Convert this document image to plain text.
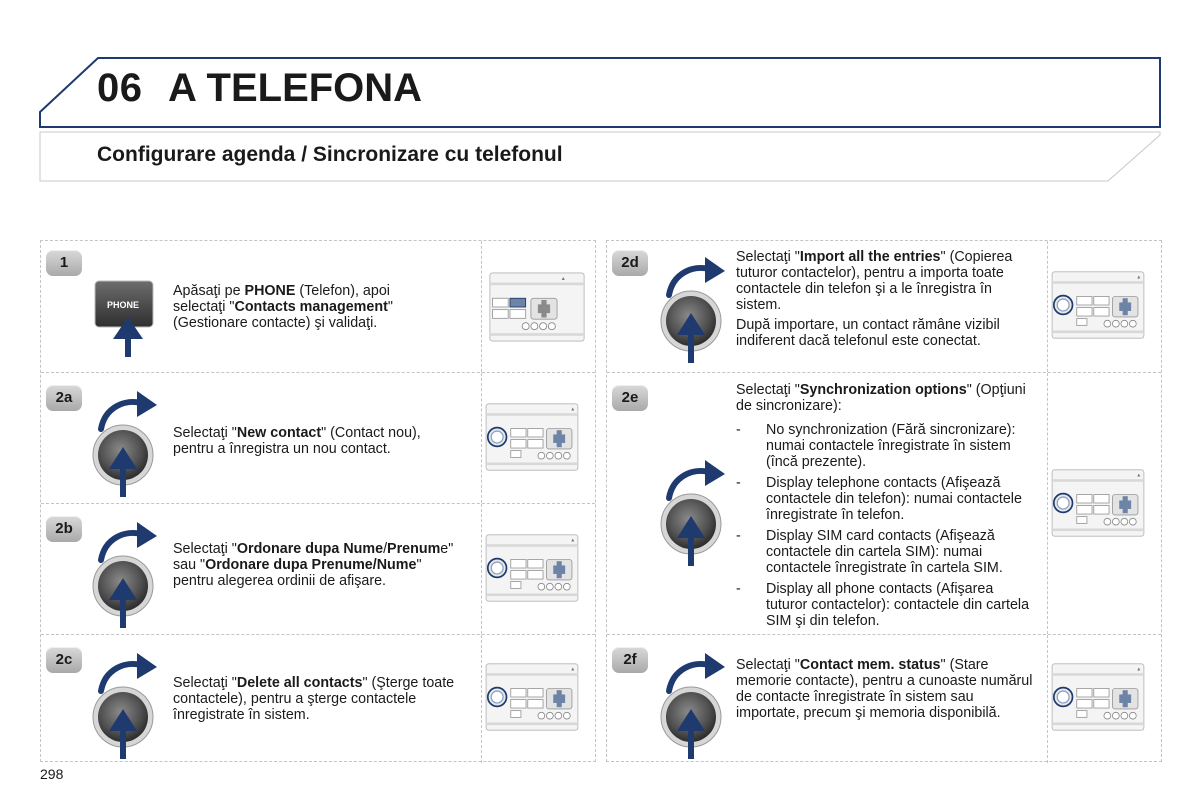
06 A TELEFONA
Configurare agenda / Sincronizare cu telefonul
1
PHONE
Apăsaţi pe PHONE (Telefon), apoi selectaţi "Contacts management" (Gestionare contacte) şi validaţi.
2a
Selectaţi "New contact" (Contact nou), pentru a înregistra un nou contact.
2b
Selectaţi "Ordonare dupa Nume/Prenume" sau "Ordonare dupa Prenume/Nume" pentru alegerea ordinii de afişare.
2c
Selectaţi "Delete all contacts" (Şterge toate contactele), pentru a şterge contactele înregistrate în sistem.
2d	Selectaţi "Import all the entries" (Copierea tuturor contactelor), pentru a importa toate contactele din telefon şi a le înregistra în sistem.

După importare, un contact rămâne vizibil indiferent dacă telefonul este conectat.

2e	Selectaţi "Synchronization options" (Opţiuni de sincronizare):

- No synchronization (Fără sincronizare): numai contactele înregistrate în sistem (încă prezente).
- Display telephone contacts (Afişează contactele din telefon): numai contactele înregistrate în telefon.
- Display SIM card contacts (Afişează contactele din cartela SIM): numai contactele înregistrate în cartela SIM.
- Display all phone contacts (Afişarea tuturor contactelor): contactele din cartela SIM şi din telefon.
2f	Selectaţi "Contact mem. status" (Stare memorie contacte), pentru a cunoaste numărul de contacte înregistrate în sistem sau importate, precum şi memoria disponibilă.
298
